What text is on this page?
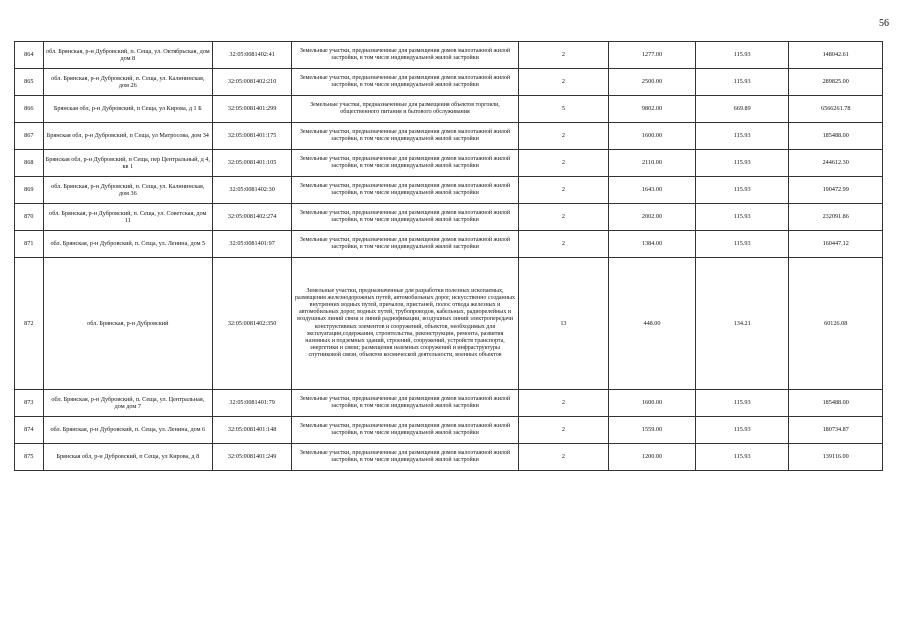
56
864	обл. Брянская, р-н Дубровский, п. Сеща, ул. Октябрьская, дом дом 8	32:05:0081402:41	Земельные участки, предназначенные для размещения домов малоэтажной жилой застройки, в том числе индивидуальной жилой застройки	2	1277.00	115.93	148042.61
865	обл. Брянская, р-н Дубровский, п. Сеща, ул. Калининская, дом 26	32:05:0081402:210	Земельные участки, предназначенные для размещения домов малоэтажной жилой застройки, в том числе индивидуальной жилой застройки	2	2500.00	115.93	289825.00
866	Брянская обл, р-н Дубровский, п Сеща, ул Кирова, д 1 Б	32:05:0081401:299	Земельные участки, предназначенные для размещения объектов торговли, общественного питания и бытового обслуживания	5	9802.00	669.89	6566261.78
867	Брянская обл, р-н Дубровский, п Сеща, ул Матросова, дом 34	32:05:0081401:175	Земельные участки, предназначенные для размещения домов малоэтажной жилой застройки, в том числе индивидуальной жилой застройки	2	1600.00	115.93	185488.00
868	Брянская обл, р-н Дубровский, п Сеща, пер Центральный, д 4, кв 1	32:05:0081401:105	Земельные участки, предназначенные для размещения домов малоэтажной жилой застройки, в том числе индивидуальной жилой застройки	2	2110.00	115.93	244612.30
869	обл. Брянская, р-н Дубровский, п. Сеща, ул. Калининская, дом 36	32:05:0081402:30	Земельные участки, предназначенные для размещения домов малоэтажной жилой застройки, в том числе индивидуальной жилой застройки	2	1643.00	115.93	190472.99
870	обл. Брянская, р-н Дубровский, п. Сеща, ул. Советская, дом 11	32:05:0081402:274	Земельные участки, предназначенные для размещения домов малоэтажной жилой застройки, в том числе индивидуальной жилой застройки	2	2002.00	115.93	232091.86
871	обл. Брянская, р-н Дубровский, п. Сеща, ул. Ленина, дом 5	32:05:0081401:97	Земельные участки, предназначенные для размещения домов малоэтажной жилой застройки, в том числе индивидуальной жилой застройки	2	1384.00	115.93	160447.12
872	обл. Брянская, р-н Дубровский	32:05:0081402:350	Земельные участки, предназначенные для разработки полезных ископаемых, размещения железнодорожных путей, автомобильных дорог, искусственно созданных внутренних водных путей, причалов, пристаней, полос отвода железных и автомобильных дорог, водных путей, трубопроводов, кабельных, радиорелейных и воздушных линий связи и линий радиофикации, воздушных линий электропередачи конструктивных элементов и сооружений, объектов, необходимых для эксплуатации,содержания, строительства, реконструкции, ремонта, развития наземных и подземных зданий, строений, сооружений, устройств транспорта, энергетики и связи; размещения наземных сооружений и инфраструктуры спутниковой связи, объектов космической деятельности, военных объектов	13	448.00	134.21	60126.08
873	обл. Брянская, р-н Дубровский, п. Сеща, ул. Центральная, дом дом 7	32:05:0081401:79	Земельные участки, предназначенные для размещения домов малоэтажной жилой застройки, в том числе индивидуальной жилой застройки	2	1600.00	115.93	185488.00
874	обл. Брянская, р-н Дубровский, п. Сеща, ул. Ленина, дом 6	32:05:0081401:148	Земельные участки, предназначенные для размещения домов малоэтажной жилой застройки, в том числе индивидуальной жилой застройки	2	1559.00	115.93	180734.87
875	Брянская обл, р-н Дубровский, п Сеща, ул Кирова, д 8	32:05:0081401:249	Земельные участки, предназначенные для размещения домов малоэтажной жилой застройки, в том числе индивидуальной жилой застройки	2	1200.00	115.93	139116.00
